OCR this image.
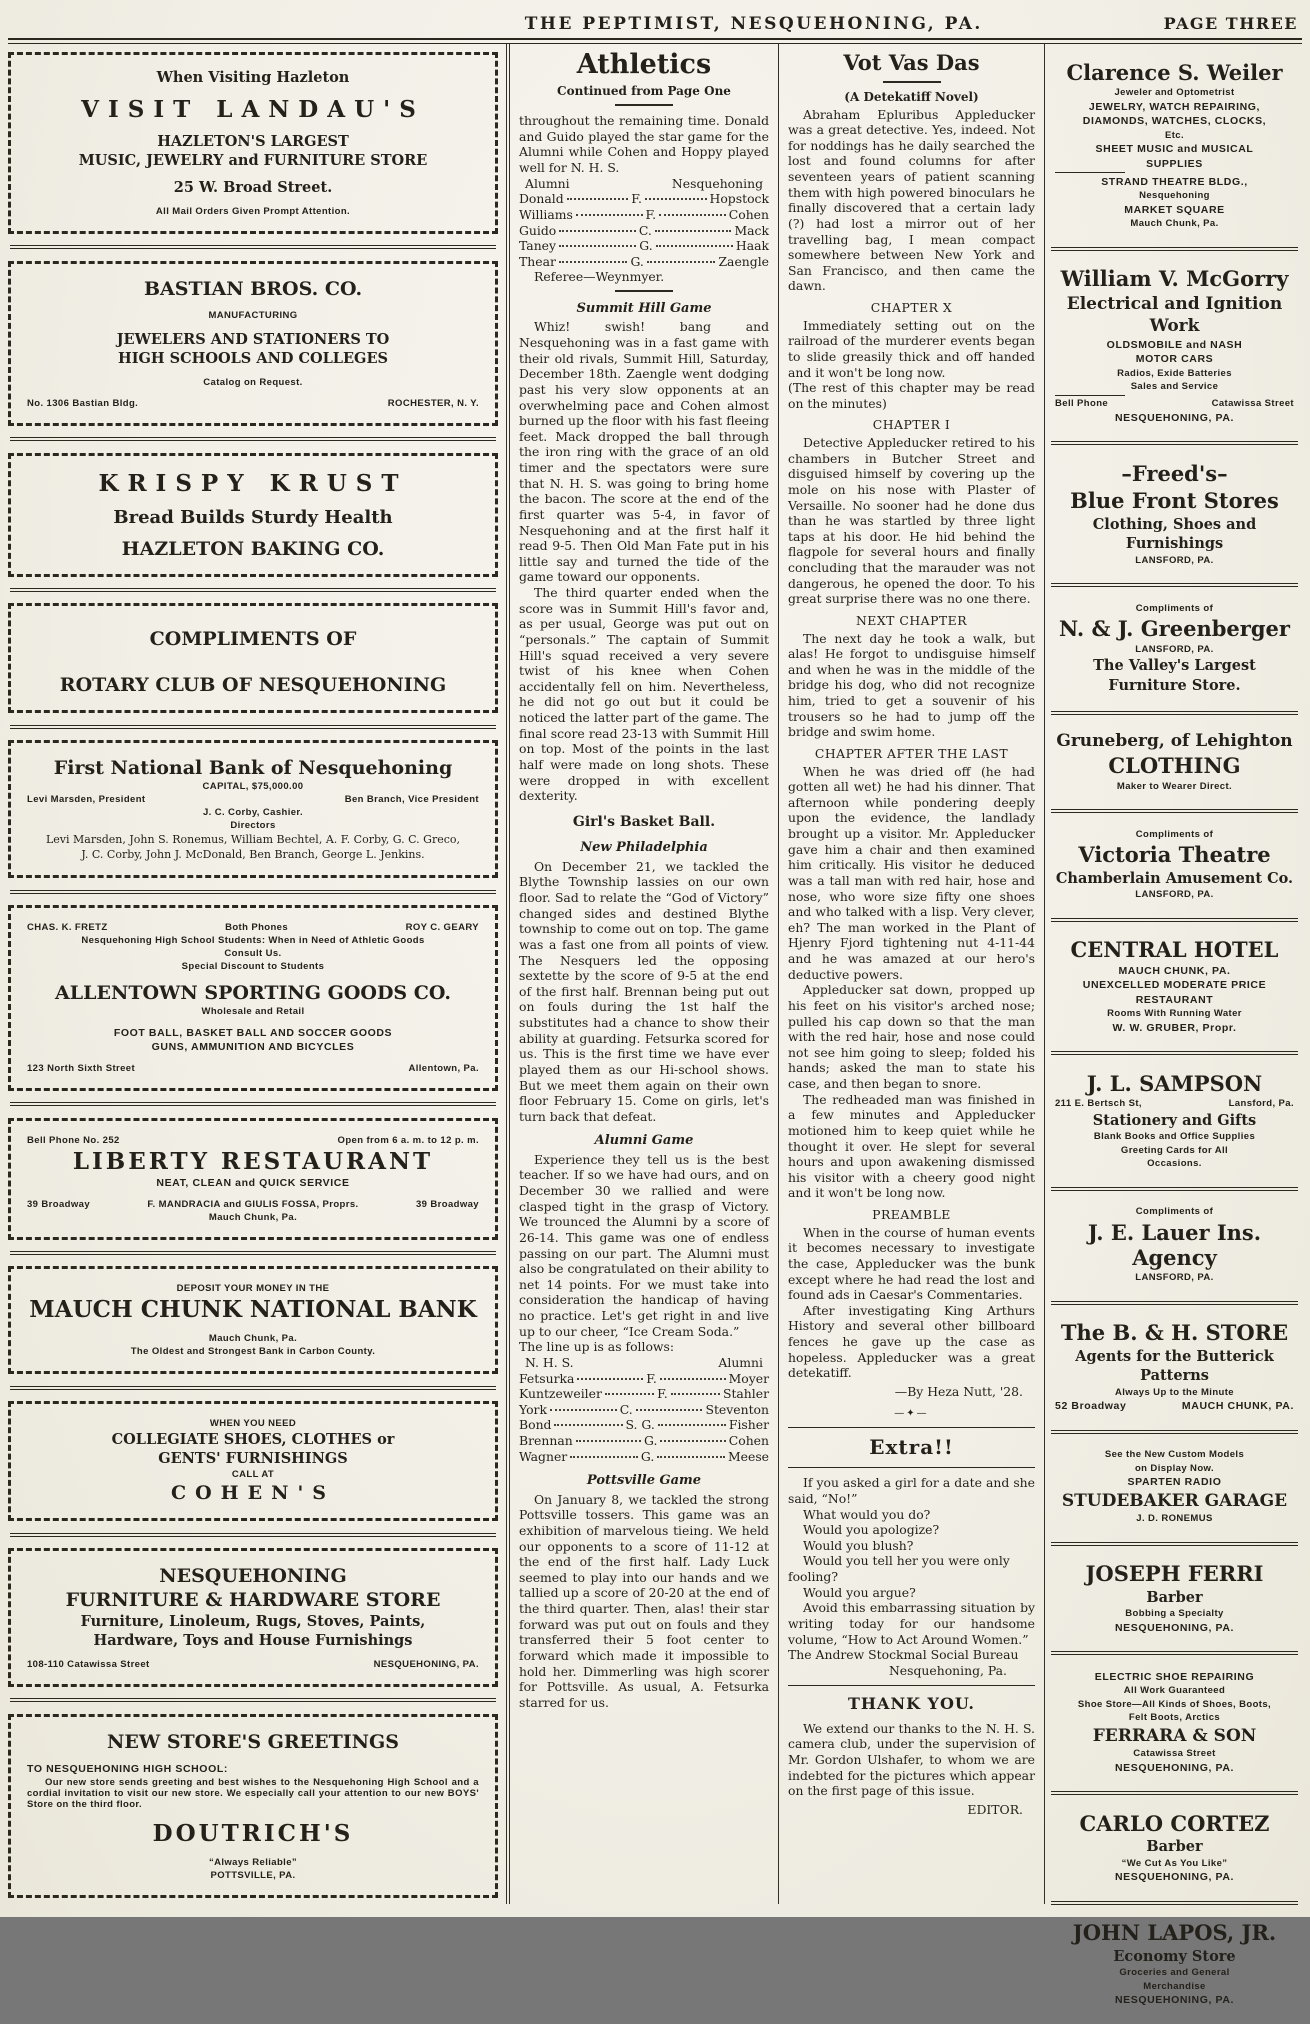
THE PEPTIMIST, NESQUEHONING, PA.	PAGE THREE
When Visiting Hazleton
VISIT LANDAU'S
HAZLETON'S LARGEST
MUSIC, JEWELRY and FURNITURE STORE
25 W. Broad Street.
All Mail Orders Given Prompt Attention.
BASTIAN BROS. CO.
MANUFACTURING
JEWELERS AND STATIONERS TO
HIGH SCHOOLS AND COLLEGES
Catalog on Request.
No. 1306 Bastian Bldg.	ROCHESTER, N. Y.
KRISPY KRUST
Bread Builds Sturdy Health
HAZLETON BAKING CO.
COMPLIMENTS OF
ROTARY CLUB OF NESQUEHONING
First National Bank of Nesquehoning
CAPITAL, $75,000.00
Levi Marsden, President	Ben Branch, Vice President
J. C. Corby, Cashier.
Directors
Levi Marsden, John S. Ronemus, William Bechtel, A. F. Corby, G. C. Greco,
J. C. Corby, John J. McDonald, Ben Branch, George L. Jenkins.
CHAS. K. FRETZ	Both Phones	ROY C. GEARY
Nesquehoning High School Students: When in Need of Athletic Goods
Consult Us.
Special Discount to Students
ALLENTOWN SPORTING GOODS CO.
Wholesale and Retail
FOOT BALL, BASKET BALL AND SOCCER GOODS
GUNS, AMMUNITION AND BICYCLES
123 North Sixth Street	Allentown, Pa.
Bell Phone No. 252	Open from 6 a. m. to 12 p. m.
LIBERTY RESTAURANT
NEAT, CLEAN and QUICK SERVICE
39 Broadway	F. MANDRACIA and GIULIS FOSSA, Proprs.	39 Broadway
Mauch Chunk, Pa.
DEPOSIT YOUR MONEY IN THE
MAUCH CHUNK NATIONAL BANK
Mauch Chunk, Pa.
The Oldest and Strongest Bank in Carbon County.
WHEN YOU NEED
COLLEGIATE SHOES, CLOTHES or
GENTS' FURNISHINGS
CALL AT
COHEN'S
NESQUEHONING
FURNITURE & HARDWARE STORE
Furniture, Linoleum, Rugs, Stoves, Paints,
Hardware, Toys and House Furnishings
108-110 Catawissa Street	NESQUEHONING, PA.
NEW STORE'S GREETINGS
TO NESQUEHONING HIGH SCHOOL:
Our new store sends greeting and best wishes to the Nesquehoning High School and a cordial invitation to visit our new store. We especially call your attention to our new BOYS' Store on the third floor.
DOUTRICH'S
“Always Reliable”
POTTSVILLE, PA.
Athletics
Continued from Page One

throughout the remaining time. Donald and Guido played the star game for the Alumni while Cohen and Hoppy played well for N. H. S.

Alumni	Nesquehoning
Donald	F.	Hopstock
Williams	F.	Cohen
Guido	C.	Mack
Taney	G.	Haak
Thear	G.	Zaengle

Referee—Weynmyer.

Summit Hill Game

Whiz! swish! bang and Nesquehoning was in a fast game with their old rivals, Summit Hill, Saturday, December 18th. Zaengle went dodging past his very slow opponents at an overwhelming pace and Cohen almost burned up the floor with his fast fleeing feet. Mack dropped the ball through the iron ring with the grace of an old timer and the spectators were sure that N. H. S. was going to bring home the bacon. The score at the end of the first quarter was 5-4, in favor of Nesquehoning and at the first half it read 9-5. Then Old Man Fate put in his little say and turned the tide of the game toward our opponents.

The third quarter ended when the score was in Summit Hill's favor and, as per usual, George was put out on “personals.” The captain of Summit Hill's squad received a very severe twist of his knee when Cohen accidentally fell on him. Nevertheless, he did not go out but it could be noticed the latter part of the game. The final score read 23-13 with Summit Hill on top. Most of the points in the last half were made on long shots. These were dropped in with excellent dexterity.

Girl's Basket Ball.
New Philadelphia

On December 21, we tackled the Blythe Township lassies on our own floor. Sad to relate the “God of Victory” changed sides and destined Blythe township to come out on top. The game was a fast one from all points of view. The Nesquers led the opposing sextette by the score of 9-5 at the end of the first half. Brennan being put out on fouls during the 1st half the substitutes had a chance to show their ability at guarding. Fetsurka scored for us. This is the first time we have ever played them as our Hi-school shows. But we meet them again on their own floor February 15. Come on girls, let's turn back that defeat.

Alumni Game

Experience they tell us is the best teacher. If so we have had ours, and on December 30 we rallied and were clasped tight in the grasp of Victory. We trounced the Alumni by a score of 26-14. This game was one of endless passing on our part. The Alumni must also be congratulated on their ability to net 14 points. For we must take into consideration the handicap of having no practice. Let's get right in and live up to our cheer, “Ice Cream Soda.”

The line up is as follows:

N. H. S.	Alumni
Fetsurka	F.	Moyer
Kuntzeweiler	F.	Stahler
York	C.	Steventon
Bond	S. G.	Fisher
Brennan	G.	Cohen
Wagner	G.	Meese
Pottsville Game

On January 8, we tackled the strong Pottsville tossers. This game was an exhibition of marvelous tieing. We held our opponents to a score of 11-12 at the end of the first half. Lady Luck seemed to play into our hands and we tallied up a score of 20-20 at the end of the third quarter. Then, alas! their star forward was put out on fouls and they transferred their 5 foot center to forward which made it impossible to hold her. Dimmerling was high scorer for Pottsville. As usual, A. Fetsurka starred for us.

Vot Vas Das
(A Detekatiff Novel)

Abraham Epluribus Appleducker was a great detective. Yes, indeed. Not for noddings has he daily searched the lost and found columns for after seventeen years of patient scanning them with high powered binoculars he finally discovered that a certain lady (?) had lost a mirror out of her travelling bag, I mean compact somewhere between New York and San Francisco, and then came the dawn.

CHAPTER X

Immediately setting out on the railroad of the murderer events began to slide greasily thick and off handed and it won't be long now.

(The rest of this chapter may be read on the minutes)

CHAPTER I

Detective Appleducker retired to his chambers in Butcher Street and disguised himself by covering up the mole on his nose with Plaster of Versaille. No sooner had he done dus than he was startled by three light taps at his door. He hid behind the flagpole for several hours and finally concluding that the marauder was not dangerous, he opened the door. To his great surprise there was no one there.

NEXT CHAPTER

The next day he took a walk, but alas! He forgot to undisguise himself and when he was in the middle of the bridge his dog, who did not recognize him, tried to get a souvenir of his trousers so he had to jump off the bridge and swim home.

CHAPTER AFTER THE LAST

When he was dried off (he had gotten all wet) he had his dinner. That afternoon while pondering deeply upon the evidence, the landlady brought up a visitor. Mr. Appleducker gave him a chair and then examined him critically. His visitor he deduced was a tall man with red hair, hose and nose, who wore size fifty one shoes and who talked with a lisp. Very clever, eh? The man worked in the Plant of Hjenry Fjord tightening nut 4-11-44 and he was amazed at our hero's deductive powers.

Appleducker sat down, propped up his feet on his visitor's arched nose; pulled his cap down so that the man with the red hair, hose and nose could not see him going to sleep; folded his hands; asked the man to state his case, and then began to snore.

The redheaded man was finished in a few minutes and Appleducker motioned him to keep quiet while he thought it over. He slept for several hours and upon awakening dismissed his visitor with a cheery good night and it won't be long now.

PREAMBLE

When in the course of human events it becomes necessary to investigate the case, Appleducker was the bunk except where he had read the lost and found ads in Caesar's Commentaries.

After investigating King Arthurs History and several other billboard fences he gave up the case as hopeless. Appleducker was a great detekatiff.

—By Heza Nutt, '28.
—✦—
Extra!!

If you asked a girl for a date and she said, “No!”

What would you do?

Would you apologize?

Would you blush?

Would you tell her you were only fooling?

Would you argue?

Avoid this embarrassing situation by writing today for our handsome volume, “How to Act Around Women.”

The Andrew Stockmal Social Bureau

Nesquehoning, Pa.
THANK YOU.

We extend our thanks to the N. H. S. camera club, under the supervision of Mr. Gordon Ulshafer, to whom we are indebted for the pictures which appear on the first page of this issue.

EDITOR.
Clarence S. Weiler
Jeweler and Optometrist
JEWELRY, WATCH REPAIRING,
DIAMONDS, WATCHES, CLOCKS,
Etc.
SHEET MUSIC and MUSICAL
SUPPLIES
STRAND THEATRE BLDG.,
Nesquehoning
MARKET SQUARE
Mauch Chunk, Pa.
William V. McGorry
Electrical and Ignition
Work
OLDSMOBILE and NASH
MOTOR CARS
Radios, Exide Batteries
Sales and Service
Bell Phone	Catawissa Street
NESQUEHONING, PA.
–Freed's–
Blue Front Stores
Clothing, Shoes and
Furnishings
LANSFORD, PA.
Compliments of
N. & J. Greenberger
LANSFORD, PA.
The Valley's Largest
Furniture Store.
Gruneberg, of Lehighton
CLOTHING
Maker to Wearer Direct.
Compliments of
Victoria Theatre
Chamberlain Amusement Co.
LANSFORD, PA.
CENTRAL HOTEL
MAUCH CHUNK, PA.
UNEXCELLED MODERATE PRICE
RESTAURANT
Rooms With Running Water
W. W. GRUBER, Propr.
J. L. SAMPSON
211 E. Bertsch St,	Lansford, Pa.
Stationery and Gifts
Blank Books and Office Supplies
Greeting Cards for All
Occasions.
Compliments of
J. E. Lauer Ins. Agency
LANSFORD, PA.
The B. & H. STORE
Agents for the Butterick
Patterns
Always Up to the Minute
52 Broadway	MAUCH CHUNK, PA.
See the New Custom Models
on Display Now.
SPARTEN RADIO
STUDEBAKER GARAGE
J. D. RONEMUS
JOSEPH FERRI
Barber
Bobbing a Specialty
NESQUEHONING, PA.
ELECTRIC SHOE REPAIRING
All Work Guaranteed
Shoe Store—All Kinds of Shoes, Boots,
Felt Boots, Arctics
FERRARA & SON
Catawissa Street
NESQUEHONING, PA.
CARLO CORTEZ
Barber
“We Cut As You Like”
NESQUEHONING, PA.
JOHN LAPOS, JR.
Economy Store
Groceries and General
Merchandise
NESQUEHONING, PA.
